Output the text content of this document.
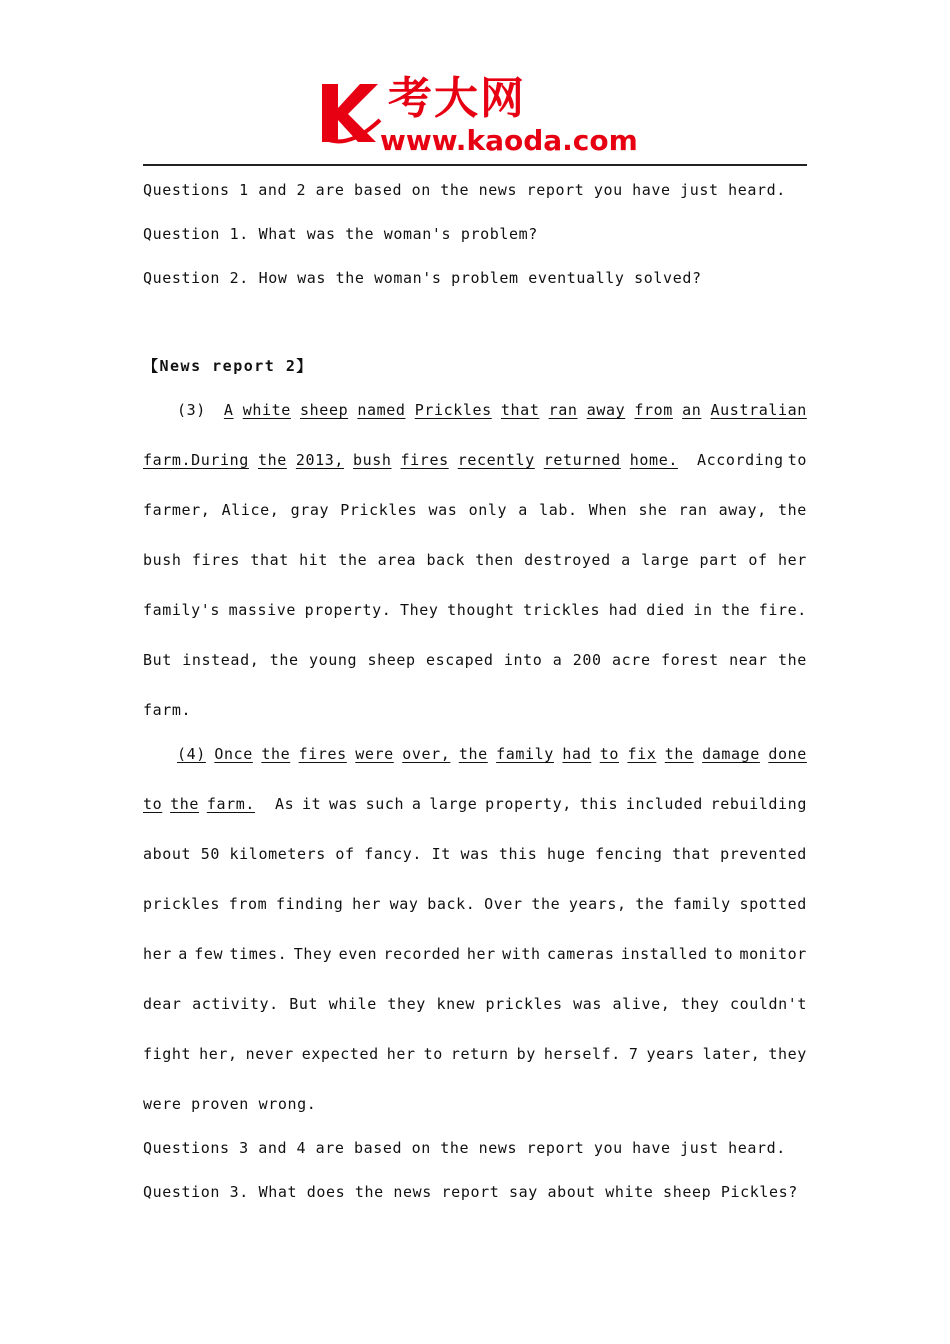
考大网
www.kaoda.com
Questions 1 and 2 are based on the news report you have just heard.
Question 1. What was the woman's problem?
Question 2. How was the woman's problem eventually solved?
【News report 2】
(3) A white sheep named Prickles that ran away from an Australian
farm.During the 2013, bush fires recently returned home. According to
farmer, Alice, gray Prickles was only a lab. When she ran away, the
bush fires that hit the area back then destroyed a large part of her
family's massive property. They thought trickles had died in the fire.
But instead, the young sheep escaped into a 200 acre forest near the
farm.
(4) Once the fires were over, the family had to fix the damage done
to the farm. As it was such a large property, this included rebuilding
about 50 kilometers of fancy. It was this huge fencing that prevented
prickles from finding her way back. Over the years, the family spotted
her a few times. They even recorded her with cameras installed to monitor
dear activity. But while they knew prickles was alive, they couldn't
fight her, never expected her to return by herself. 7 years later, they
were proven wrong.
Questions 3 and 4 are based on the news report you have just heard.
Question 3. What does the news report say about white sheep Pickles?
